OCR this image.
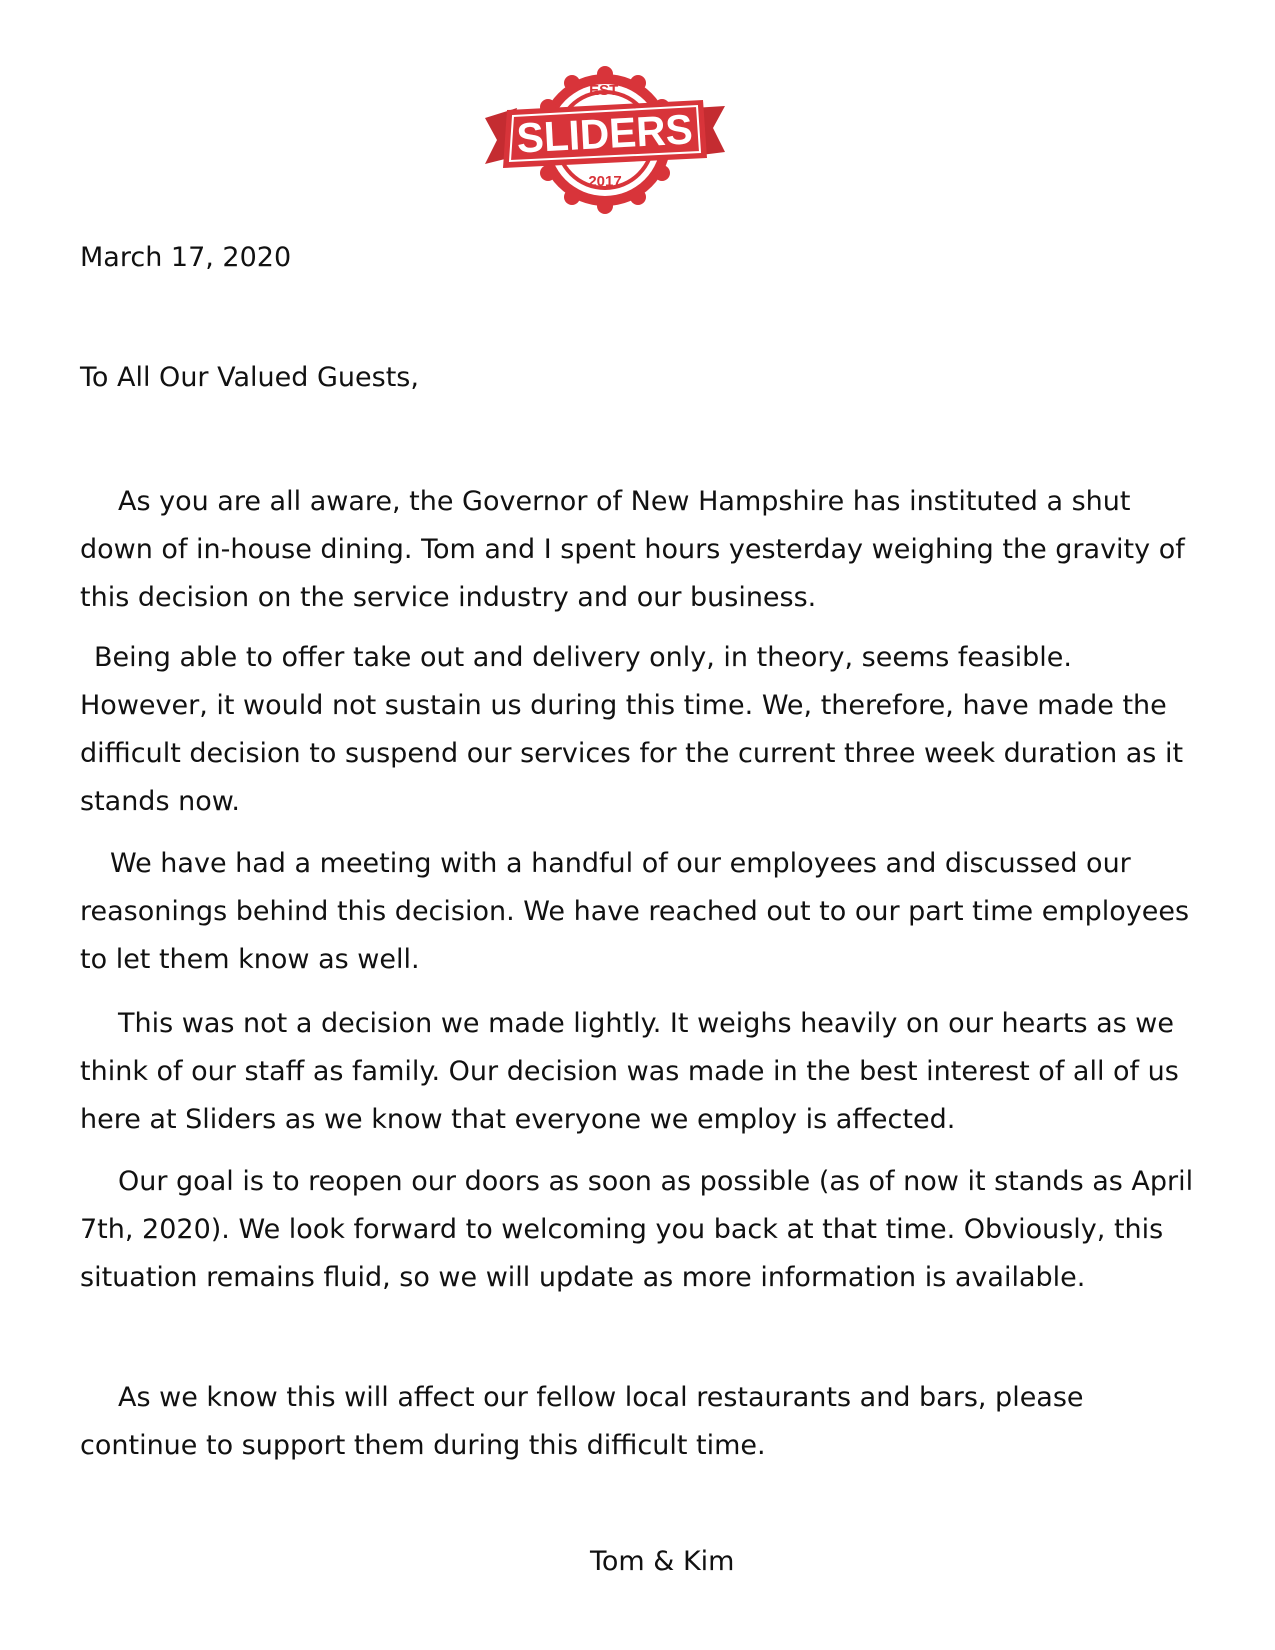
EST.
SLIDERS
2017

March 17, 2020

To All Our Valued Guests,

As you are all aware, the Governor of New Hampshire has instituted a shut down of in-house dining. Tom and I spent hours yesterday weighing the gravity of this decision on the service industry and our business.

Being able to offer take out and delivery only, in theory, seems feasible. However, it would not sustain us during this time. We, therefore, have made the difficult decision to suspend our services for the current three week duration as it stands now.

We have had a meeting with a handful of our employees and discussed our reasonings behind this decision. We have reached out to our part time employees to let them know as well.

This was not a decision we made lightly. It weighs heavily on our hearts as we think of our staff as family. Our decision was made in the best interest of all of us here at Sliders as we know that everyone we employ is affected.

Our goal is to reopen our doors as soon as possible (as of now it stands as April 7th, 2020). We look forward to welcoming you back at that time. Obviously, this situation remains fluid, so we will update as more information is available.

As we know this will affect our fellow local restaurants and bars, please continue to support them during this difficult time.

Tom & Kim
